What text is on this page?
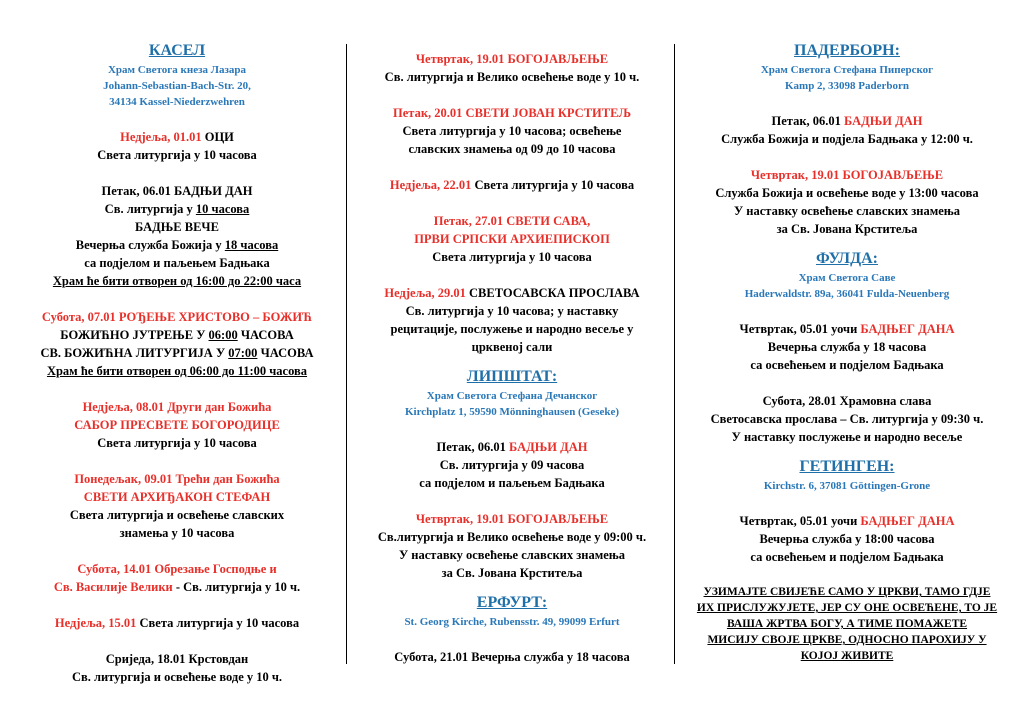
КАСЕЛ
Храм Светога кнеза Лазара
Johann-Sebastian-Bach-Str. 20,
34134 Kassel-Niederzwehren
Недјеља, 01.01 ОЦИ
Света литургија у 10 часова
Петак, 06.01 БАДЊИ ДАН
Св. литургија у 10 часова
БАДЊЕ ВЕЧЕ
Вечерња служба Божија у 18 часова
са подјелом и паљењем Бадњака
Храм ће бити отворен од 16:00 до 22:00 часа
Субота, 07.01 РОЂЕЊЕ ХРИСТОВО – БОЖИЋ
БОЖИЋНО ЈУТРЕЊЕ У 06:00 ЧАСОВА
СВ. БОЖИЋНА ЛИТУРГИЈА У 07:00 ЧАСОВА
Храм ће бити отворен од 06:00 до 11:00 часова
Недјеља, 08.01 Други дан Божића
САБОР ПРЕСВЕТЕ БОГОРОДИЦЕ
Света литургија у 10 часова
Понедељак, 09.01 Трећи дан Божића
СВЕТИ АРХИЂАКОН СТЕФАН
Света литургија и освећење славских
знамења у 10 часова
Субота, 14.01 Обрезање Господње и
Св. Василије Велики - Св. литургија у 10 ч.
Недјеља, 15.01 Света литургија у 10 часова
Сриједа, 18.01 Крстовдан
Св. литургија и освећење воде у 10 ч.
Четвртак, 19.01 БОГОЈАВЉЕЊЕ
Св. литургија и Велико освећење воде у 10 ч.
Петак, 20.01 СВЕТИ ЈОВАН КРСТИТЕЉ
Света литургија у 10 часова; освећење
славских знамења од 09 до 10 часова
Недјеља, 22.01 Света литургија у 10 часова
Петак, 27.01 СВЕТИ САВА,
ПРВИ СРПСКИ АРХИЕПИСКОП
Света литургија у 10 часова
Недјеља, 29.01 СВЕТОСАВСКА ПРОСЛАВА
Св. литургија у 10 часова; у наставку
рецитације, послужење и народно весеље у
црквеној сали
ЛИПШТАТ:
Храм Светога Стефана Дечанског
Kirchplatz 1, 59590 Mönninghausen (Geseke)
Петак, 06.01 БАДЊИ ДАН
Св. литургија у 09 часова
са подјелом и паљењем Бадњака
Четвртак, 19.01 БОГОЈАВЉЕЊЕ
Св.литургија и Велико освећење воде у 09:00 ч.
У наставку освећење славских знамења
за Св. Јована Крститеља
ЕРФУРТ:
St. Georg Kirche, Rubensstr. 49, 99099 Erfurt
Субота, 21.01 Вечерња служба у 18 часова
ПАДЕРБОРН:
Храм Светога Стефана Пиперског
Kamp 2, 33098 Paderborn
Петак, 06.01 БАДЊИ ДАН
Служба Божија и подјела Бадњака у 12:00 ч.
Четвртак, 19.01 БОГОЈАВЉЕЊЕ
Служба Божија и освећење воде у 13:00 часова
У наставку освећење славских знамења
за Св. Јована Крститеља
ФУЛДА:
Храм Светога Саве
Haderwaldstr. 89a, 36041 Fulda-Neuenberg
Четвртак, 05.01 уочи БАДЊЕГ ДАНА
Вечерња служба у 18 часова
са освећењем и подјелом Бадњака
Субота, 28.01 Храмовна слава
Светосавска прослава – Св. литургија у 09:30 ч.
У наставку послужење и народно весеље
ГЕТИНГЕН:
Kirchstr. 6, 37081 Göttingen-Grone
Четвртак, 05.01 уочи БАДЊЕГ ДАНА
Вечерња служба у 18:00 часова
са освећењем и подјелом Бадњака
УЗИМАЈТЕ СВИЈЕЋЕ САМО У ЦРКВИ, ТАМО ГДЈЕ
ИХ ПРИСЛУЖУЈЕТЕ, ЈЕР СУ ОНЕ ОСВЕЋЕНЕ, ТО ЈЕ
ВАША ЖРТВА БОГУ, А ТИМЕ ПОМАЖЕТЕ
МИСИЈУ СВОЈЕ ЦРКВЕ, ОДНОСНО ПАРОХИЈУ У
КОЈОЈ ЖИВИТЕ
